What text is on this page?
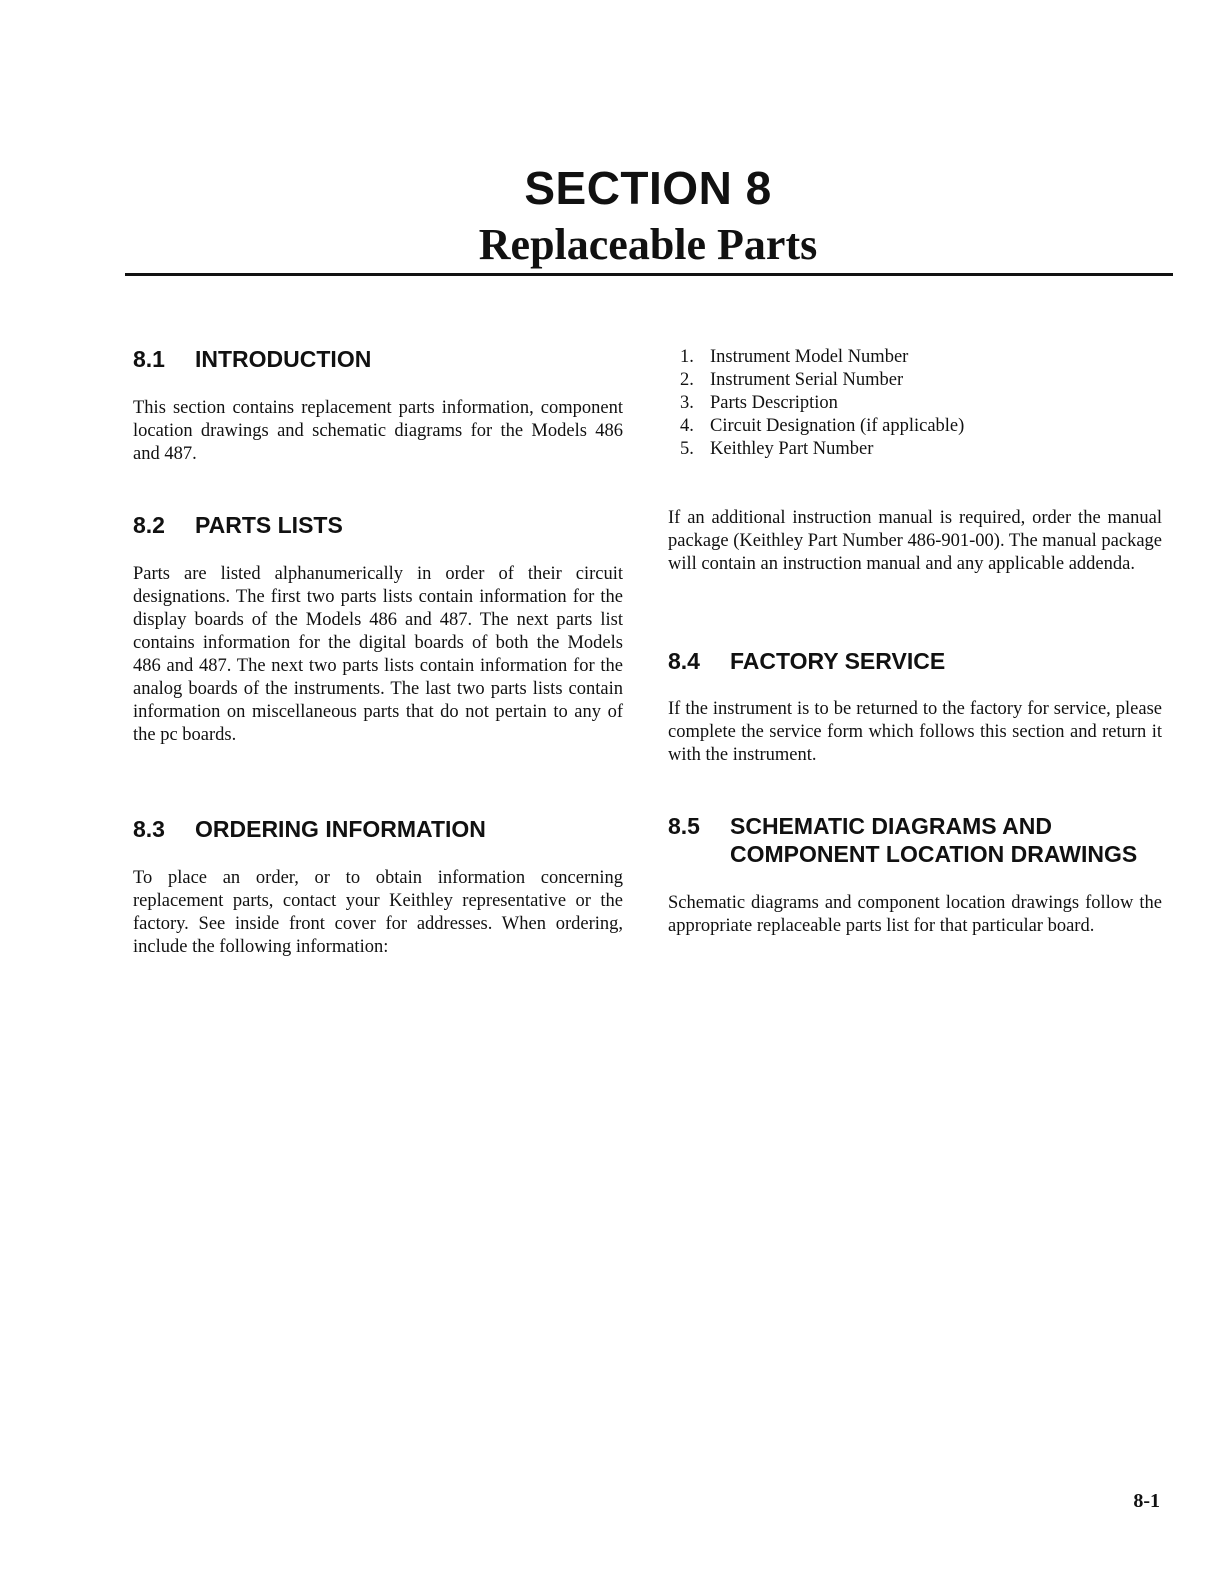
SECTION 8
Replaceable Parts
8.1 INTRODUCTION

This section contains replacement parts information, component location drawings and schematic diagrams for the Models 486 and 487.

8.2 PARTS LISTS

Parts are listed alphanumerically in order of their circuit designations. The first two parts lists contain information for the display boards of the Models 486 and 487. The next parts list contains information for the digital boards of both the Models 486 and 487. The next two parts lists contain information for the analog boards of the instruments. The last two parts lists contain information on miscellaneous parts that do not pertain to any of the pc boards.

8.3 ORDERING INFORMATION

To place an order, or to obtain information concerning replacement parts, contact your Keithley representative or the factory. See inside front cover for addresses. When ordering, include the following information:

1. Instrument Model Number
2. Instrument Serial Number
3. Parts Description
4. Circuit Designation (if applicable)
5. Keithley Part Number

If an additional instruction manual is required, order the manual package (Keithley Part Number 486-901-00). The manual package will contain an instruction manual and any applicable addenda.

8.4 FACTORY SERVICE

If the instrument is to be returned to the factory for service, please complete the service form which follows this section and return it with the instrument.

8.5	SCHEMATIC DIAGRAMS AND
COMPONENT LOCATION DRAWINGS

Schematic diagrams and component location drawings follow the appropriate replaceable parts list for that particular board.

8-1
